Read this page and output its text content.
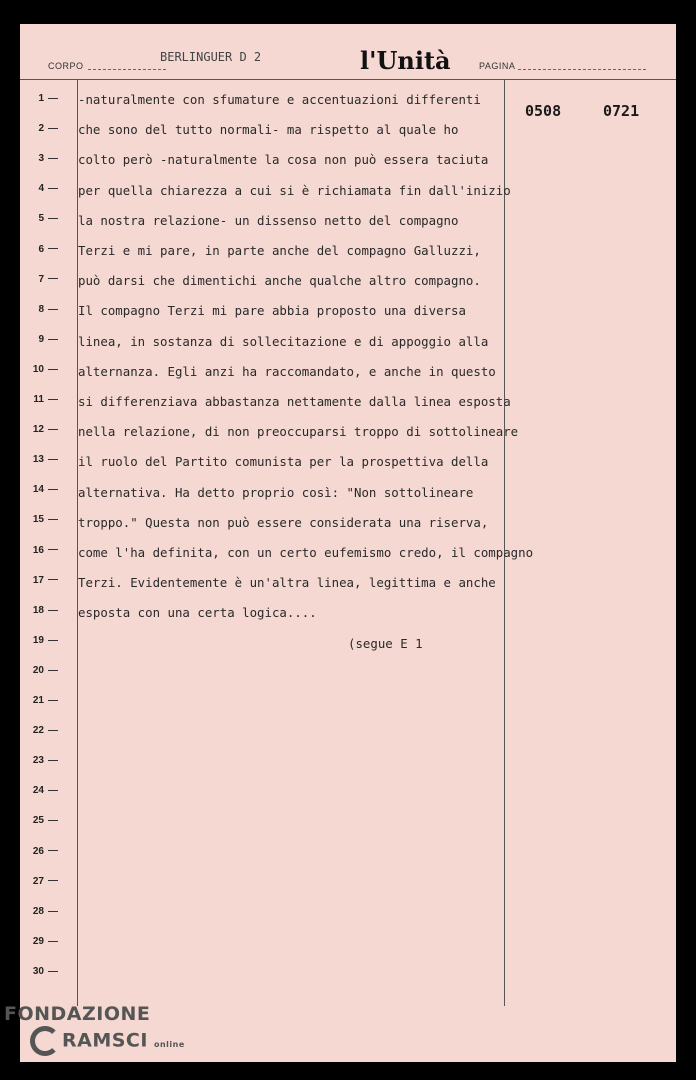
CORPO
BERLINGUER D 2	l'Unità	PAGINA
0508	0721
1
2
3
4
5
6
7
8
9
10
11
12
13
14
15
16
17
18
19
20
21
22
23
24
25
26
27
28
29
30
-naturalmente con sfumature e accentuazioni differenti
che sono del tutto normali- ma rispetto al quale ho
colto però -naturalmente la cosa non può essera taciuta
per quella chiarezza a cui si è richiamata fin dall'inizio
la nostra relazione- un dissenso netto del compagno
Terzi e mi pare, in parte anche del compagno Galluzzi,
può darsi che dimentichi anche qualche altro compagno.
Il compagno Terzi mi pare abbia proposto una diversa
linea, in sostanza di sollecitazione e di appoggio alla
alternanza. Egli anzi ha raccomandato, e anche in questo
si differenziava abbastanza nettamente dalla linea esposta
nella relazione, di non preoccuparsi troppo di sottolineare
il ruolo del Partito comunista per la prospettiva della
alternativa. Ha detto proprio così: "Non sottolineare
troppo." Questa non può essere considerata una riserva,
come l'ha definita, con un certo eufemismo credo, il compagno
Terzi. Evidentemente è un'altra linea, legittima e anche
esposta con una certa logica....
(segue E 1
FONDAZIONE
RAMSCI online
